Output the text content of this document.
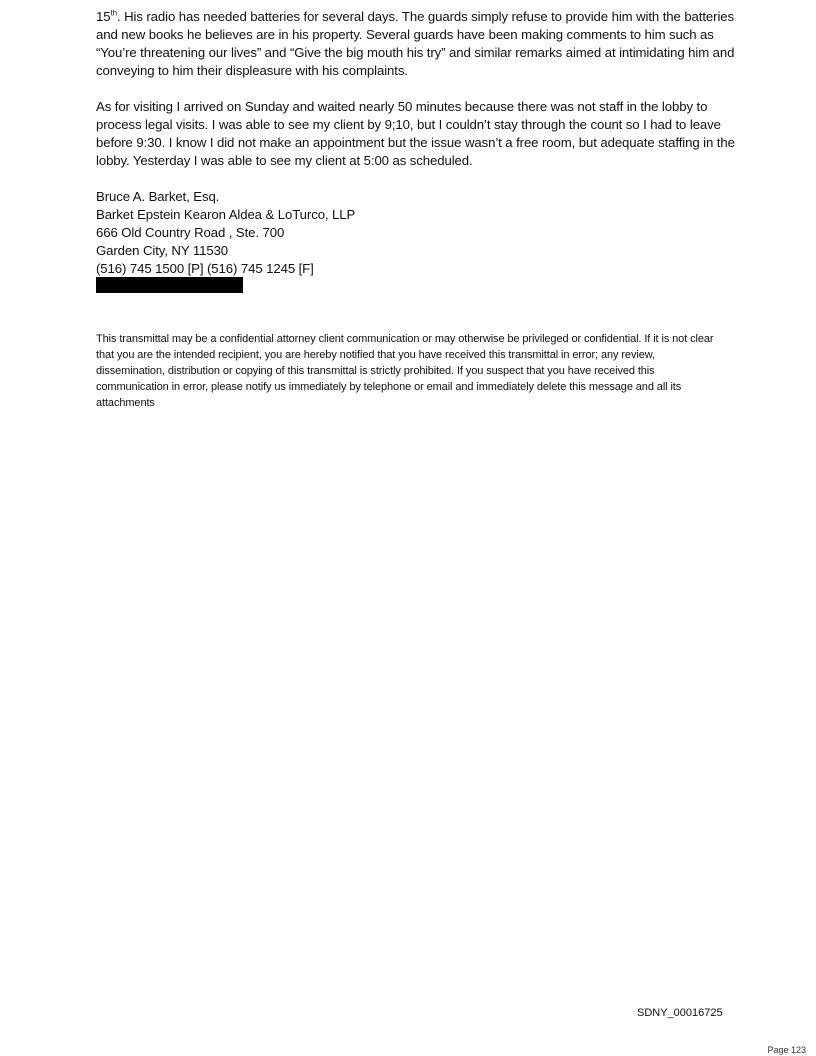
15th. His radio has needed batteries for several days. The guards simply refuse to provide him with the batteries and new books he believes are in his property. Several guards have been making comments to him such as “You’re threatening our lives” and “Give the big mouth his try” and similar remarks aimed at intimidating him and conveying to him their displeasure with his complaints.
As for visiting I arrived on Sunday and waited nearly 50 minutes because there was not staff in the lobby to process legal visits. I was able to see my client by 9;10, but I couldn’t stay through the count so I had to leave before 9:30. I know I did not make an appointment but the issue wasn’t a free room, but adequate staffing in the lobby. Yesterday I was able to see my client at 5:00 as scheduled.
Bruce A. Barket, Esq.
Barket Epstein Kearon Aldea & LoTurco, LLP
666 Old Country Road , Ste. 700
Garden City, NY 11530
(516) 745 1500 [P] (516) 745 1245 [F]
This transmittal may be a confidential attorney client communication or may otherwise be privileged or confidential. If it is not clear that you are the intended recipient, you are hereby notified that you have received this transmittal in error; any review, dissemination, distribution or copying of this transmittal is strictly prohibited. If you suspect that you have received this communication in error, please notify us immediately by telephone or email and immediately delete this message and all its attachments
SDNY_00016725
Page 123
